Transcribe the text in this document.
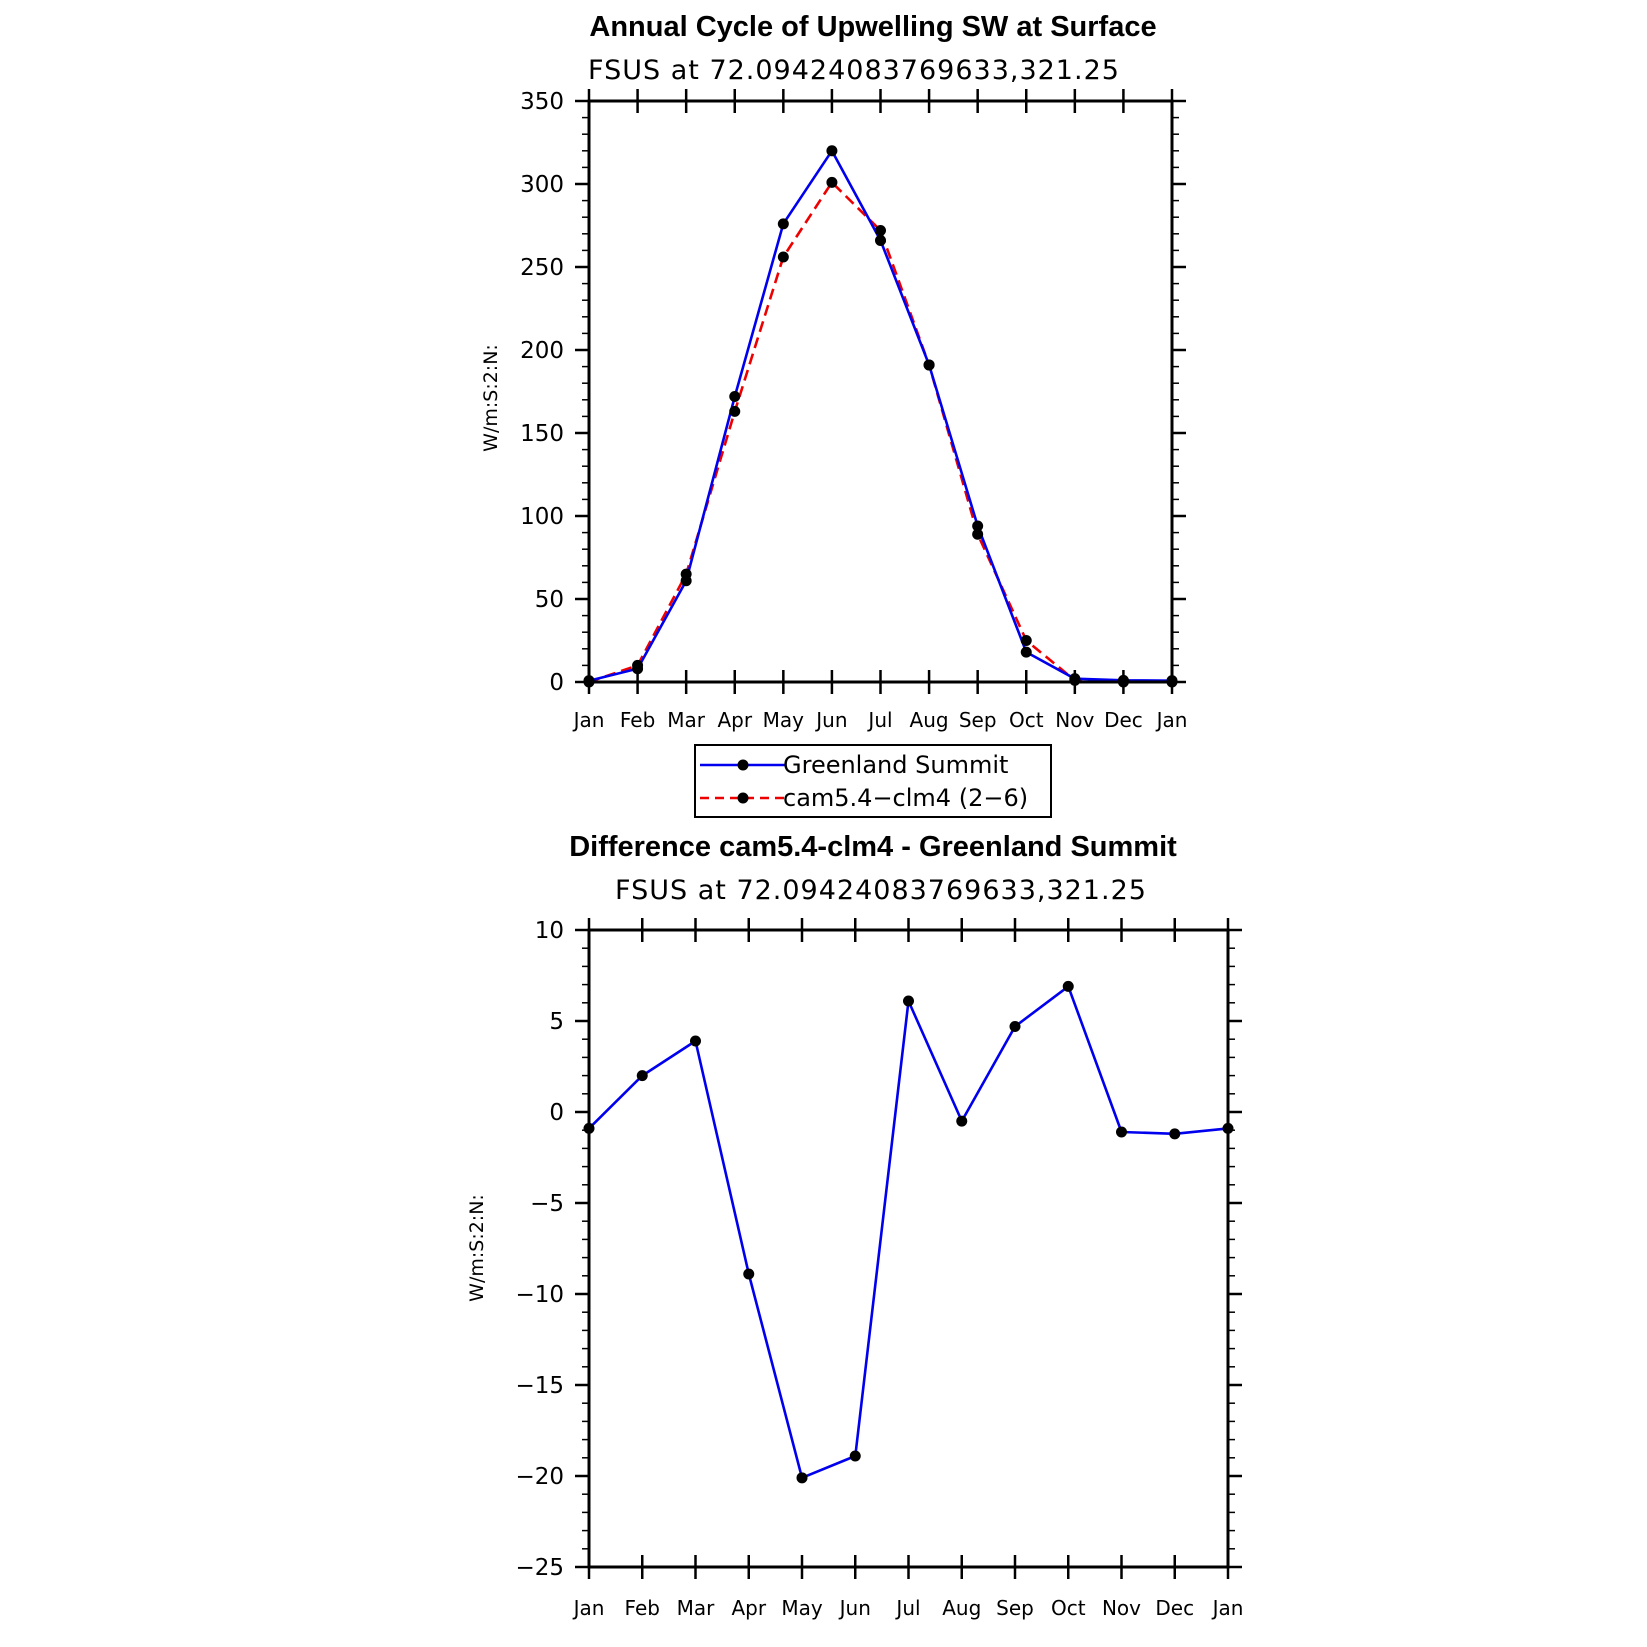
Annual Cycle of Upwelling SW at Surface
FSUS at 72.09424083769633,321.25
W/m:S:2:N:
0
50
100
150
200
250
300
350
Jan Feb Mar Apr May Jun Jul Aug Sep Oct Nov Dec Jan
Greenland Summit
cam5.4−clm4 (2−6)
Difference cam5.4-clm4 - Greenland Summit
FSUS at 72.09424083769633,321.25
W/m:S:2:N:
−25
−20
−15
−10
−5
0
5
10
Jan Feb Mar Apr May Jun Jul Aug Sep Oct Nov Dec Jan
